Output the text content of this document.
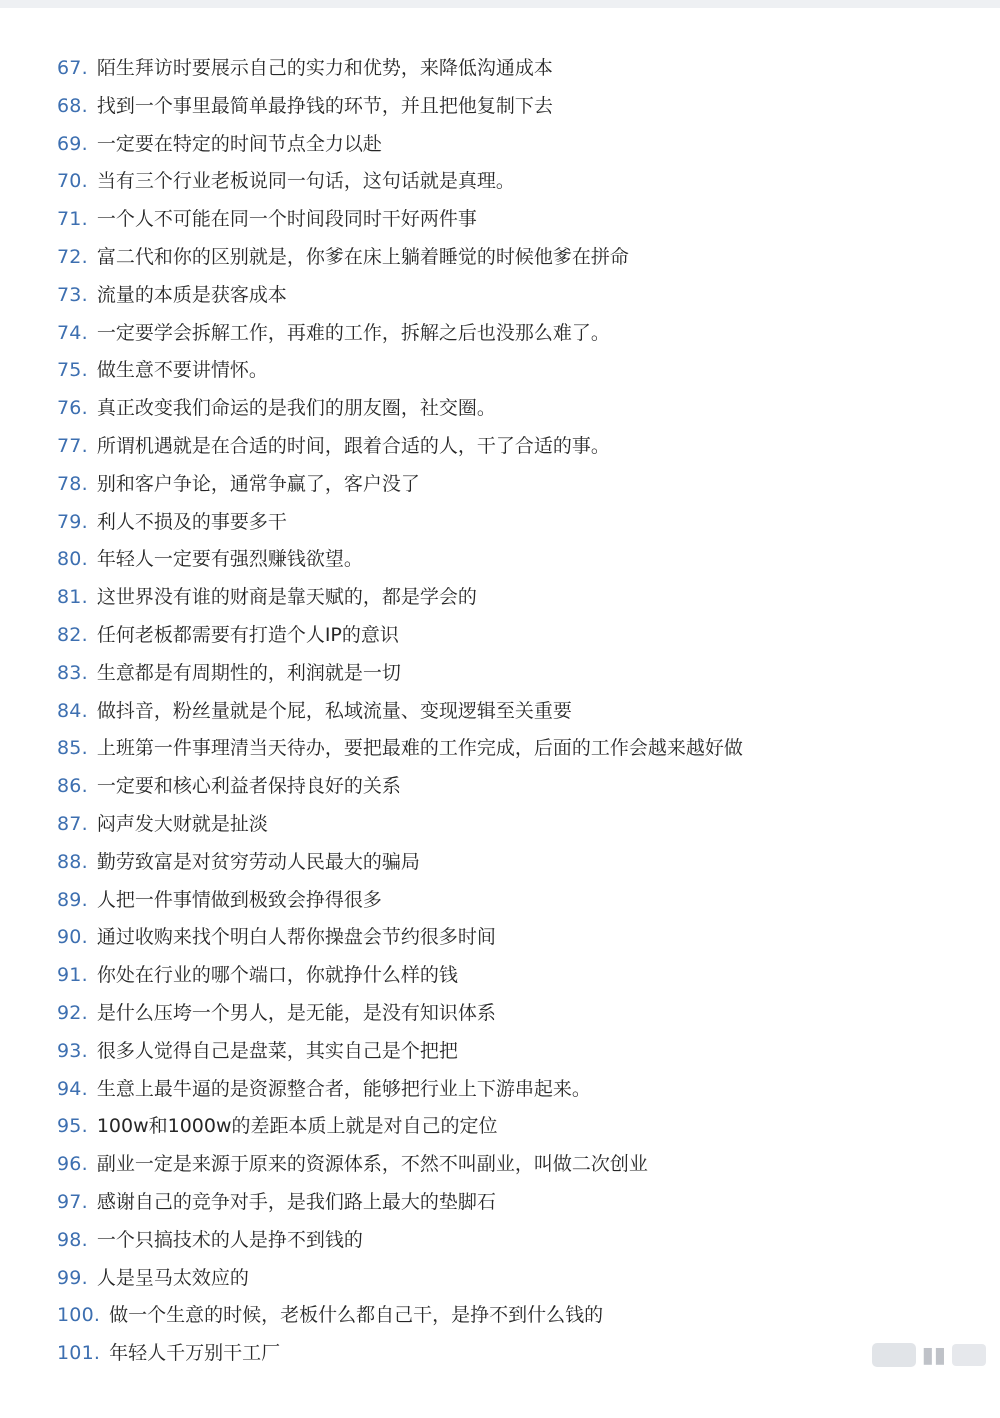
67. 陌生拜访时要展示自己的实力和优势，来降低沟通成本
68. 找到一个事里最简单最挣钱的环节，并且把他复制下去
69. 一定要在特定的时间节点全力以赴
70. 当有三个行业老板说同一句话，这句话就是真理。
71. 一个人不可能在同一个时间段同时干好两件事
72. 富二代和你的区别就是，你爹在床上躺着睡觉的时候他爹在拼命
73. 流量的本质是获客成本
74. 一定要学会拆解工作，再难的工作，拆解之后也没那么难了。
75. 做生意不要讲情怀。
76. 真正改变我们命运的是我们的朋友圈，社交圈。
77. 所谓机遇就是在合适的时间，跟着合适的人，干了合适的事。
78. 别和客户争论，通常争赢了，客户没了
79. 利人不损及的事要多干
80. 年轻人一定要有强烈赚钱欲望。
81. 这世界没有谁的财商是靠天赋的，都是学会的
82. 任何老板都需要有打造个人IP的意识
83. 生意都是有周期性的，利润就是一切
84. 做抖音，粉丝量就是个屁，私域流量、变现逻辑至关重要
85. 上班第一件事理清当天待办，要把最难的工作完成，后面的工作会越来越好做
86. 一定要和核心利益者保持良好的关系
87. 闷声发大财就是扯淡
88. 勤劳致富是对贫穷劳动人民最大的骗局
89. 人把一件事情做到极致会挣得很多
90. 通过收购来找个明白人帮你操盘会节约很多时间
91. 你处在行业的哪个端口，你就挣什么样的钱
92. 是什么压垮一个男人，是无能，是没有知识体系
93. 很多人觉得自己是盘菜，其实自己是个把把
94. 生意上最牛逼的是资源整合者，能够把行业上下游串起来。
95. 100w和1000w的差距本质上就是对自己的定位
96. 副业一定是来源于原来的资源体系，不然不叫副业，叫做二次创业
97. 感谢自己的竞争对手，是我们路上最大的垫脚石
98. 一个只搞技术的人是挣不到钱的
99. 人是呈马太效应的
100. 做一个生意的时候，老板什么都自己干，是挣不到什么钱的
101. 年轻人千万别干工厂	▮▮
